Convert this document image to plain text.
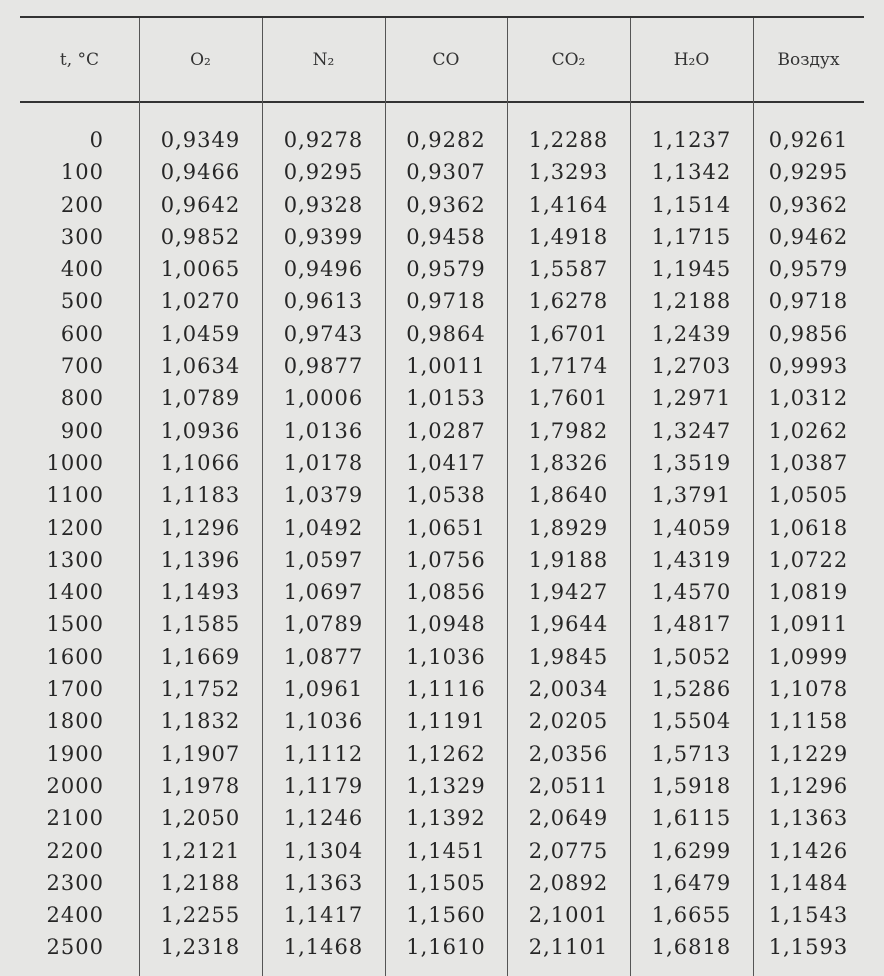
t, °C	O₂	N₂	CO	CO₂	H₂O	Воздух
0	0,9349	0,9278	0,9282	1,2288	1,1237	0,9261
100	0,9466	0,9295	0,9307	1,3293	1,1342	0,9295
200	0,9642	0,9328	0,9362	1,4164	1,1514	0,9362
300	0,9852	0,9399	0,9458	1,4918	1,1715	0,9462
400	1,0065	0,9496	0,9579	1,5587	1,1945	0,9579
500	1,0270	0,9613	0,9718	1,6278	1,2188	0,9718
600	1,0459	0,9743	0,9864	1,6701	1,2439	0,9856
700	1,0634	0,9877	1,0011	1,7174	1,2703	0,9993
800	1,0789	1,0006	1,0153	1,7601	1,2971	1,0312
900	1,0936	1,0136	1,0287	1,7982	1,3247	1,0262
1000	1,1066	1,0178	1,0417	1,8326	1,3519	1,0387
1100	1,1183	1,0379	1,0538	1,8640	1,3791	1,0505
1200	1,1296	1,0492	1,0651	1,8929	1,4059	1,0618
1300	1,1396	1,0597	1,0756	1,9188	1,4319	1,0722
1400	1,1493	1,0697	1,0856	1,9427	1,4570	1,0819
1500	1,1585	1,0789	1,0948	1,9644	1,4817	1,0911
1600	1,1669	1,0877	1,1036	1,9845	1,5052	1,0999
1700	1,1752	1,0961	1,1116	2,0034	1,5286	1,1078
1800	1,1832	1,1036	1,1191	2,0205	1,5504	1,1158
1900	1,1907	1,1112	1,1262	2,0356	1,5713	1,1229
2000	1,1978	1,1179	1,1329	2,0511	1,5918	1,1296
2100	1,2050	1,1246	1,1392	2,0649	1,6115	1,1363
2200	1,2121	1,1304	1,1451	2,0775	1,6299	1,1426
2300	1,2188	1,1363	1,1505	2,0892	1,6479	1,1484
2400	1,2255	1,1417	1,1560	2,1001	1,6655	1,1543
2500	1,2318	1,1468	1,1610	2,1101	1,6818	1,1593
